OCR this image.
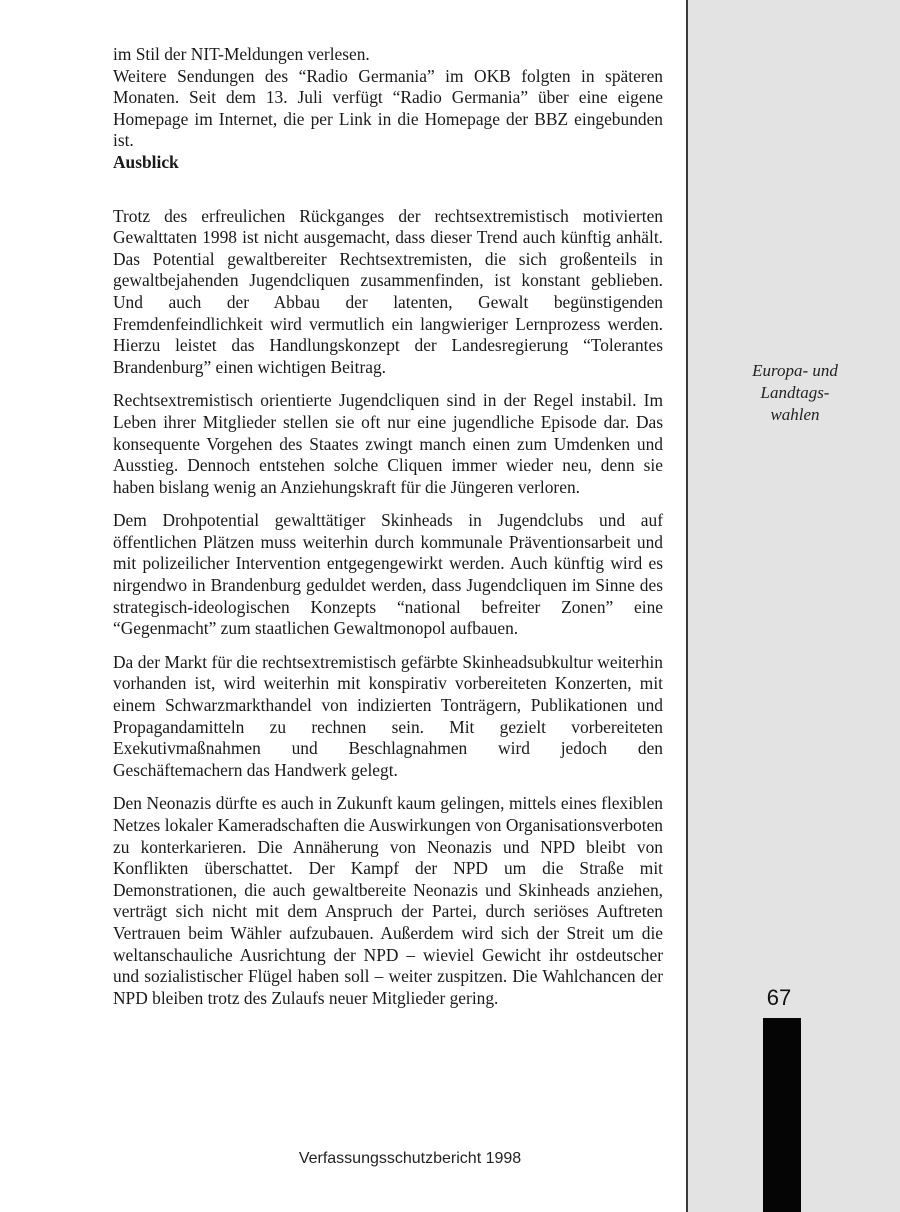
im Stil der NIT-Meldungen verlesen.

Weitere Sendungen des “Radio Germania” im OKB folgten in späteren Monaten. Seit dem 13. Juli verfügt “Radio Germania” über eine eigene Homepage im Internet, die per Link in die Homepage der BBZ eingebunden ist.

Ausblick

Trotz des erfreulichen Rückganges der rechtsextremistisch motivierten Gewalttaten 1998 ist nicht ausgemacht, dass dieser Trend auch künftig anhält. Das Potential gewaltbereiter Rechtsextremisten, die sich großenteils in gewaltbejahenden Jugendcliquen zusammenfinden, ist konstant geblieben. Und auch der Abbau der latenten, Gewalt begünstigenden Fremdenfeindlichkeit wird vermutlich ein langwieriger Lernprozess werden. Hierzu leistet das Handlungskonzept der Landesregierung “Tolerantes Brandenburg” einen wichtigen Beitrag.

Rechtsextremistisch orientierte Jugendcliquen sind in der Regel instabil. Im Leben ihrer Mitglieder stellen sie oft nur eine jugendliche Episode dar. Das konsequente Vorgehen des Staates zwingt manch einen zum Umdenken und Ausstieg. Dennoch entstehen solche Cliquen immer wieder neu, denn sie haben bislang wenig an Anziehungskraft für die Jüngeren verloren.

Dem Drohpotential gewalttätiger Skinheads in Jugendclubs und auf öffentlichen Plätzen muss weiterhin durch kommunale Präventionsarbeit und mit polizeilicher Intervention entgegengewirkt werden. Auch künftig wird es nirgendwo in Brandenburg geduldet werden, dass Jugendcliquen im Sinne des strategisch-ideologischen Konzepts “national befreiter Zonen” eine “Gegenmacht” zum staatlichen Gewaltmonopol aufbauen.

Da der Markt für die rechtsextremistisch gefärbte Skinheadsubkultur weiterhin vorhanden ist, wird weiterhin mit konspirativ vorbereiteten Konzerten, mit einem Schwarzmarkthandel von indizierten Tonträgern, Publikationen und Propagandamitteln zu rechnen sein. Mit gezielt vorbereiteten Exekutivmaßnahmen und Beschlagnahmen wird jedoch den Geschäftemachern das Handwerk gelegt.

Den Neonazis dürfte es auch in Zukunft kaum gelingen, mittels eines flexiblen Netzes lokaler Kameradschaften die Auswirkungen von Organisationsverboten zu konterkarieren. Die Annäherung von Neonazis und NPD bleibt von Konflikten überschattet. Der Kampf der NPD um die Straße mit Demonstrationen, die auch gewaltbereite Neonazis und Skinheads anziehen, verträgt sich nicht mit dem Anspruch der Partei, durch seriöses Auftreten Vertrauen beim Wähler aufzubauen. Außerdem wird sich der Streit um die weltanschauliche Ausrichtung der NPD – wieviel Gewicht ihr ostdeutscher und sozialistischer Flügel haben soll – weiter zuspitzen. Die Wahlchancen der NPD bleiben trotz des Zulaufs neuer Mitglieder gering.

Europa- und
Landtags-
wahlen
67
Verfassungsschutzbericht 1998
